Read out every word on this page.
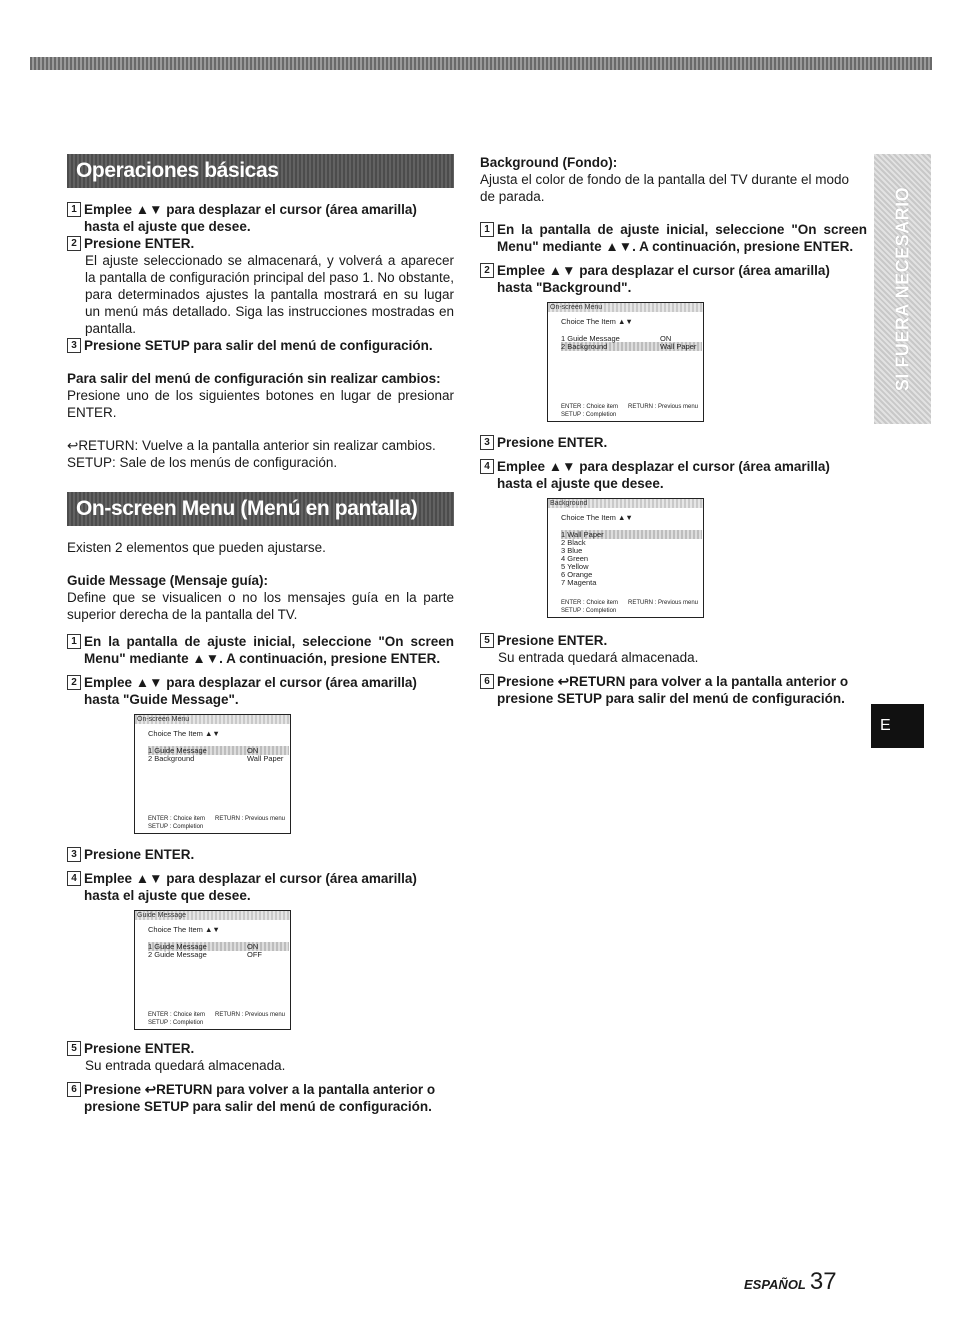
Operaciones básicas
1 Emplee ▲▼ para desplazar el cursor (área amarilla) hasta el ajuste que desee.
2 Presione ENTER.

El ajuste seleccionado se almacenará, y volverá a aparecer la pantalla de configuración principal del paso 1. No obstante, para determinados ajustes la pantalla mostrará en su lugar un menú más detallado. Siga las instrucciones mostradas en pantalla.

3 Presione SETUP para salir del menú de configuración.

Para salir del menú de configuración sin realizar cambios:

Presione uno de los siguientes botones en lugar de presionar ENTER.

↩RETURN: Vuelve a la pantalla anterior sin realizar cambios.

SETUP: Sale de los menús de configuración.

On-screen Menu (Menú en pantalla)

Existen 2 elementos que pueden ajustarse.

Guide Message (Mensaje guía):

Define que se visualicen o no los mensajes guía en la parte superior derecha de la pantalla del TV.

1 En la pantalla de ajuste inicial, seleccione "On screen Menu" mediante ▲▼. A continuación, presione ENTER.
2 Emplee ▲▼ para desplazar el cursor (área amarilla) hasta "Guide Message".
On-screen Menu
Choice The Item ▲▼
1 Guide Message	ON
2 Background	Wall Paper
ENTER : Choice item RETURN : Previous menu
SETUP : Completion
3 Presione ENTER.
4 Emplee ▲▼ para desplazar el cursor (área amarilla) hasta el ajuste que desee.
Guide Message
Choice The Item ▲▼
1 Guide Message	ON
2 Guide Message	OFF
ENTER : Choice item RETURN : Previous menu
SETUP : Completion
5 Presione ENTER.

Su entrada quedará almacenada.

6 Presione ↩RETURN para volver a la pantalla anterior o presione SETUP para salir del menú de configuración.

Background (Fondo):

Ajusta el color de fondo de la pantalla del TV durante el modo de parada.

1 En la pantalla de ajuste inicial, seleccione "On screen Menu" mediante ▲▼. A continuación, presione ENTER.
2 Emplee ▲▼ para desplazar el cursor (área amarilla) hasta "Background".
On-screen Menu
Choice The Item ▲▼
1 Guide Message	ON
2 Background	Wall Paper
ENTER : Choice item RETURN : Previous menu
SETUP : Completion
3 Presione ENTER.
4 Emplee ▲▼ para desplazar el cursor (área amarilla) hasta el ajuste que desee.
Background
Choice The Item ▲▼
1 Wall Paper
2 Black
3 Blue
4 Green
5 Yellow
6 Orange
7 Magenta
ENTER : Choice item RETURN : Previous menu
SETUP : Completion
5 Presione ENTER.

Su entrada quedará almacenada.

6 Presione ↩RETURN para volver a la pantalla anterior o presione SETUP para salir del menú de configuración.
SI FUERA NECESARIO
E
ESPAÑOL 37
